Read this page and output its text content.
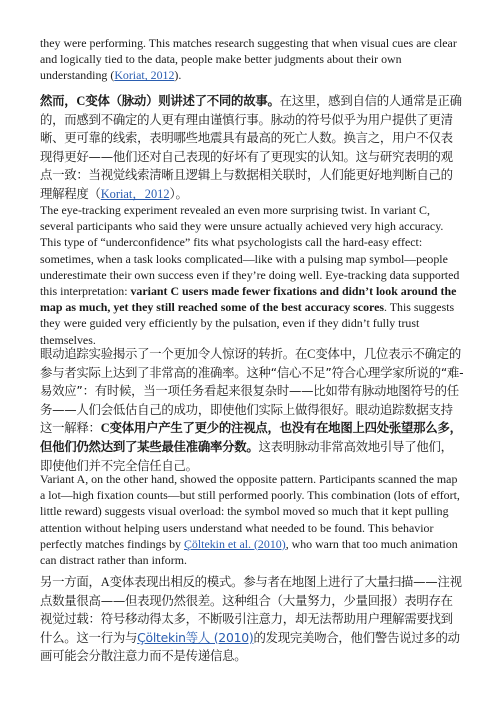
they were performing. This matches research suggesting that when visual cues are clear and logically tied to the data, people make better judgments about their own understanding (Koriat, 2012).

然而，C变体（脉动）则讲述了不同的故事。在这里，感到自信的人通常是正确的，而感到不确定的人更有理由谨慎行事。脉动的符号似乎为用户提供了更清晰、更可靠的线索，表明哪些地震具有最高的死亡人数。换言之，用户不仅表现得更好——他们还对自己表现的好坏有了更现实的认知。这与研究表明的观点一致：当视觉线索清晰且逻辑上与数据相关联时，人们能更好地判断自己的理解程度（Koriat，2012）。

The eye-tracking experiment revealed an even more surprising twist. In variant C, several participants who said they were unsure actually achieved very high accuracy. This type of “underconfidence” fits what psychologists call the hard-easy effect: sometimes, when a task looks complicated—like with a pulsing map symbol—people underestimate their own success even if they’re doing well. Eye-tracking data supported this interpretation: variant C users made fewer fixations and didn’t look around the map as much, yet they still reached some of the best accuracy scores. This suggests they were guided very efficiently by the pulsation, even if they didn’t fully trust themselves.

眼动追踪实验揭示了一个更加令人惊讶的转折。在C变体中，几位表示不确定的参与者实际上达到了非常高的准确率。这种“信心不足”符合心理学家所说的“难-易效应”：有时候，当一项任务看起来很复杂时——比如带有脉动地图符号的任务——人们会低估自己的成功，即使他们实际上做得很好。眼动追踪数据支持这一解释：C变体用户产生了更少的注视点，也没有在地图上四处张望那么多，但他们仍然达到了某些最佳准确率分数。这表明脉动非常高效地引导了他们，即使他们并不完全信任自己。

Variant A, on the other hand, showed the opposite pattern. Participants scanned the map a lot—high fixation counts—but still performed poorly. This combination (lots of effort, little reward) suggests visual overload: the symbol moved so much that it kept pulling attention without helping users understand what needed to be found. This behavior perfectly matches findings by Çöltekin et al. (2010), who warn that too much animation can distract rather than inform.

另一方面，A变体表现出相反的模式。参与者在地图上进行了大量扫描——注视点数量很高——但表现仍然很差。这种组合（大量努力，少量回报）表明存在视觉过载：符号移动得太多，不断吸引注意力，却无法帮助用户理解需要找到什么。这一行为与Çöltekin等人 (2010)的发现完美吻合，他们警告说过多的动画可能会分散注意力而不是传递信息。
